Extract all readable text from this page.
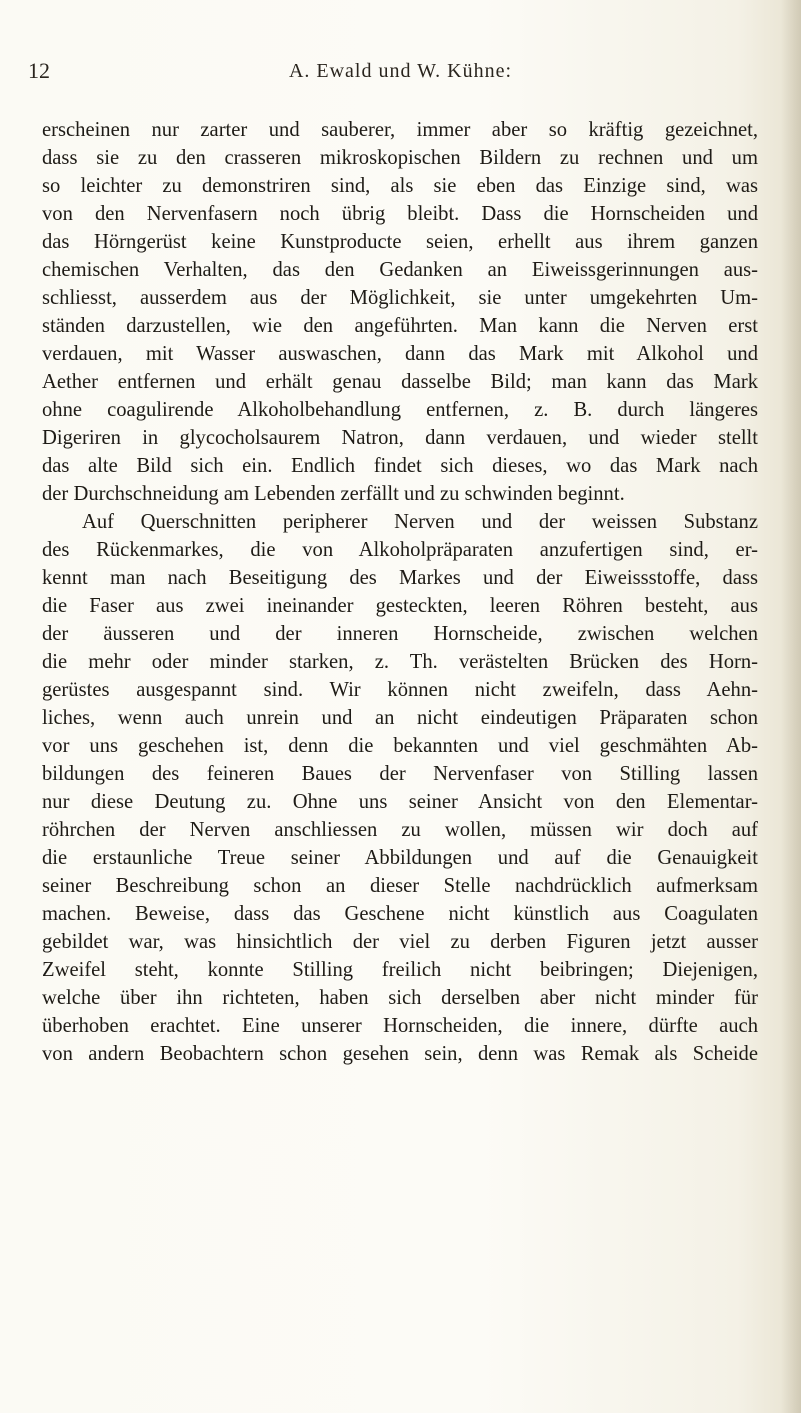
12	A. Ewald und W. Kühne:
erscheinen nur zarter und sauberer, immer aber so kräftig gezeichnet,
dass sie zu den crasseren mikroskopischen Bildern zu rechnen und um
so leichter zu demonstriren sind, als sie eben das Einzige sind, was
von den Nervenfasern noch übrig bleibt. Dass die Hornscheiden und
das Hörngerüst keine Kunstproducte seien, erhellt aus ihrem ganzen
chemischen Verhalten, das den Gedanken an Eiweissgerinnungen aus-
schliesst, ausserdem aus der Möglichkeit, sie unter umgekehrten Um-
ständen darzustellen, wie den angeführten. Man kann die Nerven erst
verdauen, mit Wasser auswaschen, dann das Mark mit Alkohol und
Aether entfernen und erhält genau dasselbe Bild; man kann das Mark
ohne coagulirende Alkoholbehandlung entfernen, z. B. durch längeres
Digeriren in glycocholsaurem Natron, dann verdauen, und wieder stellt
das alte Bild sich ein. Endlich findet sich dieses, wo das Mark nach
der Durchschneidung am Lebenden zerfällt und zu schwinden beginnt.
Auf Querschnitten peripherer Nerven und der weissen Substanz
des Rückenmarkes, die von Alkoholpräparaten anzufertigen sind, er-
kennt man nach Beseitigung des Markes und der Eiweissstoffe, dass
die Faser aus zwei ineinander gesteckten, leeren Röhren besteht, aus
der äusseren und der inneren Hornscheide, zwischen welchen
die mehr oder minder starken, z. Th. verästelten Brücken des Horn-
gerüstes ausgespannt sind. Wir können nicht zweifeln, dass Aehn-
liches, wenn auch unrein und an nicht eindeutigen Präparaten schon
vor uns geschehen ist, denn die bekannten und viel geschmähten Ab-
bildungen des feineren Baues der Nervenfaser von Stilling lassen
nur diese Deutung zu. Ohne uns seiner Ansicht von den Elementar-
röhrchen der Nerven anschliessen zu wollen, müssen wir doch auf
die erstaunliche Treue seiner Abbildungen und auf die Genauigkeit
seiner Beschreibung schon an dieser Stelle nachdrücklich aufmerksam
machen. Beweise, dass das Geschene nicht künstlich aus Coagulaten
gebildet war, was hinsichtlich der viel zu derben Figuren jetzt ausser
Zweifel steht, konnte Stilling freilich nicht beibringen; Diejenigen,
welche über ihn richteten, haben sich derselben aber nicht minder für
überhoben erachtet. Eine unserer Hornscheiden, die innere, dürfte auch
von andern Beobachtern schon gesehen sein, denn was Remak als Scheide
